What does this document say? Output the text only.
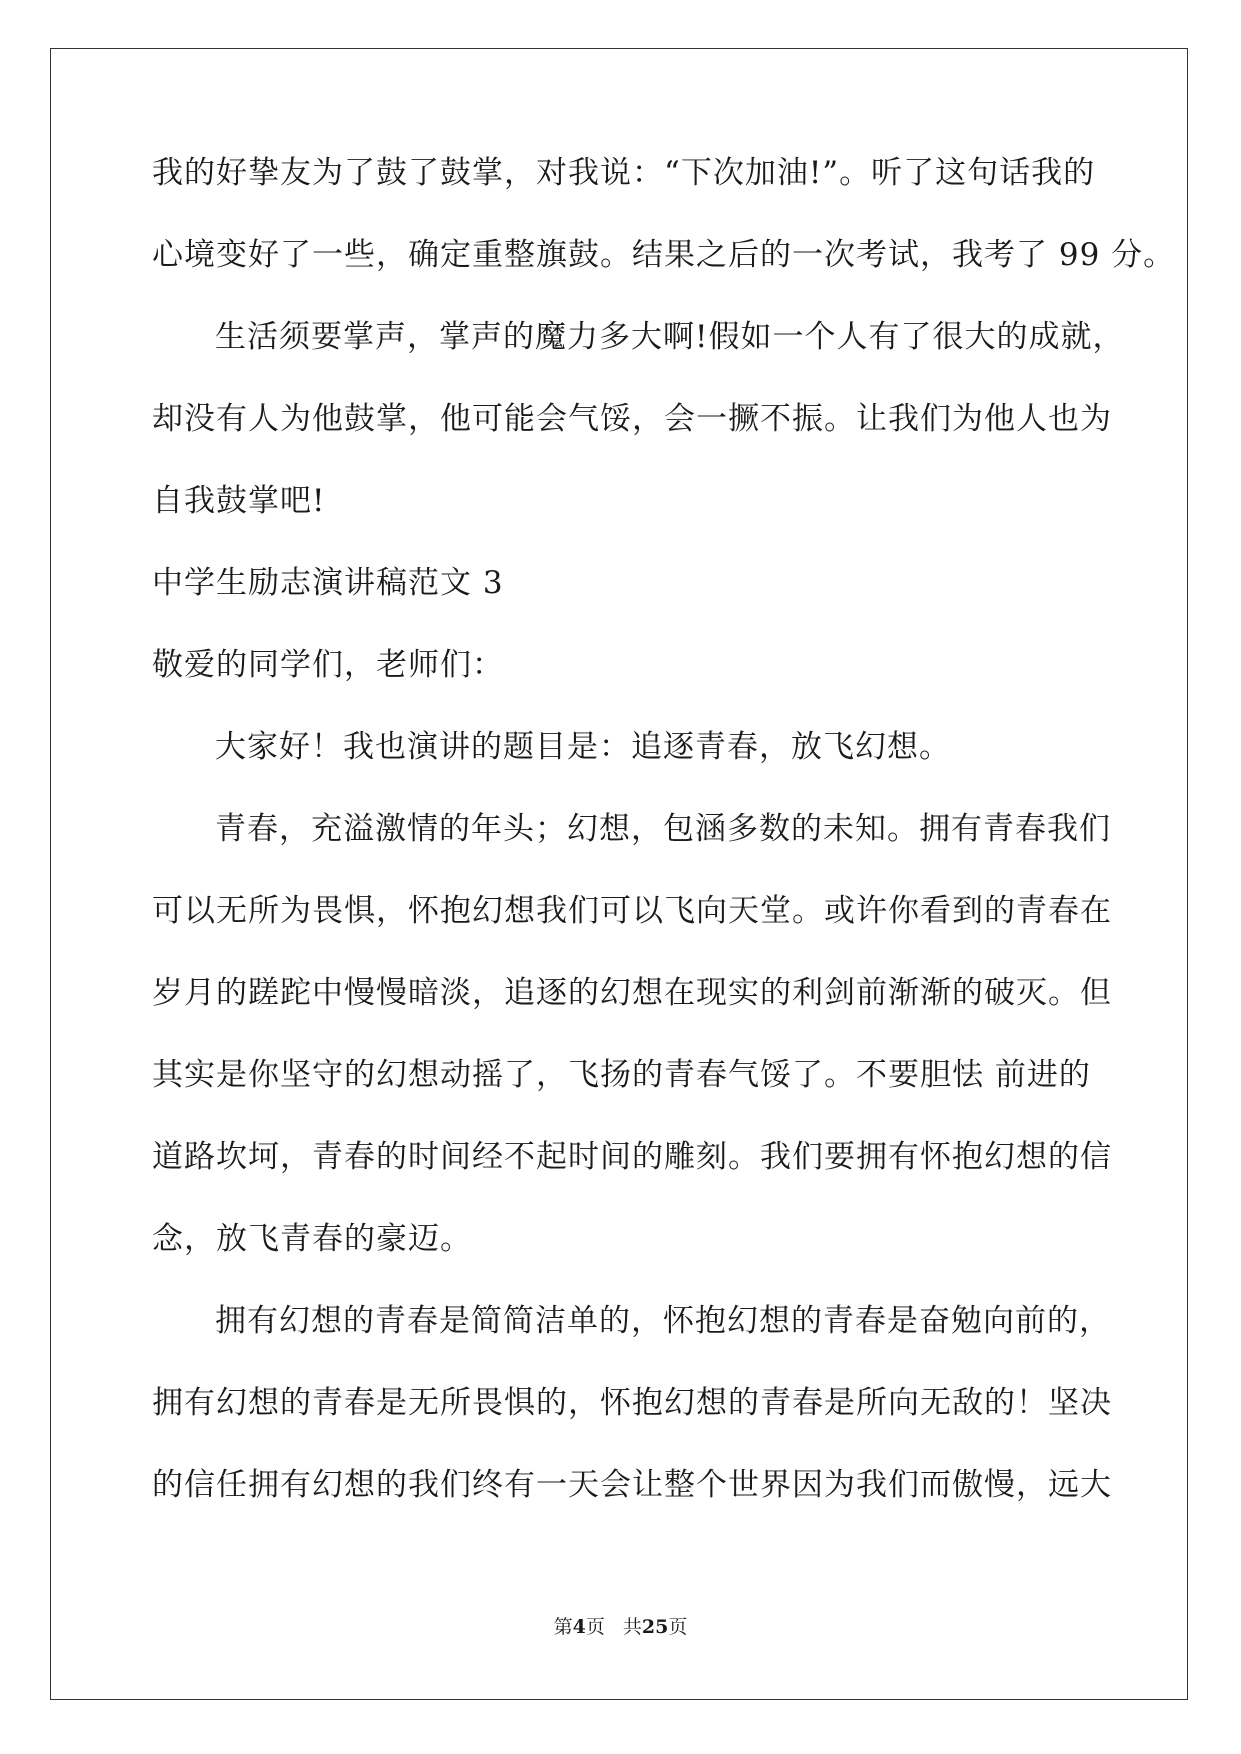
我的好挚友为了鼓了鼓掌，对我说：“下次加油!”。听了这句话我的
心境变好了一些，确定重整旗鼓。结果之后的一次考试，我考了 99 分。
生活须要掌声，掌声的魔力多大啊!假如一个人有了很大的成就，
却没有人为他鼓掌，他可能会气馁，会一撅不振。让我们为他人也为
自我鼓掌吧!
中学生励志演讲稿范文 3
敬爱的同学们，老师们：
大家好！我也演讲的题目是：追逐青春，放飞幻想。
青春，充溢激情的年头；幻想，包涵多数的未知。拥有青春我们
可以无所为畏惧，怀抱幻想我们可以飞向天堂。或许你看到的青春在
岁月的蹉跎中慢慢暗淡，追逐的幻想在现实的利剑前渐渐的破灭。但
其实是你坚守的幻想动摇了，飞扬的青春气馁了。不要胆怯 前进的
道路坎坷，青春的时间经不起时间的雕刻。我们要拥有怀抱幻想的信
念，放飞青春的豪迈。
拥有幻想的青春是简简洁单的，怀抱幻想的青春是奋勉向前的，
拥有幻想的青春是无所畏惧的，怀抱幻想的青春是所向无敌的！坚决
的信任拥有幻想的我们终有一天会让整个世界因为我们而傲慢，远大
第4页 共25页
